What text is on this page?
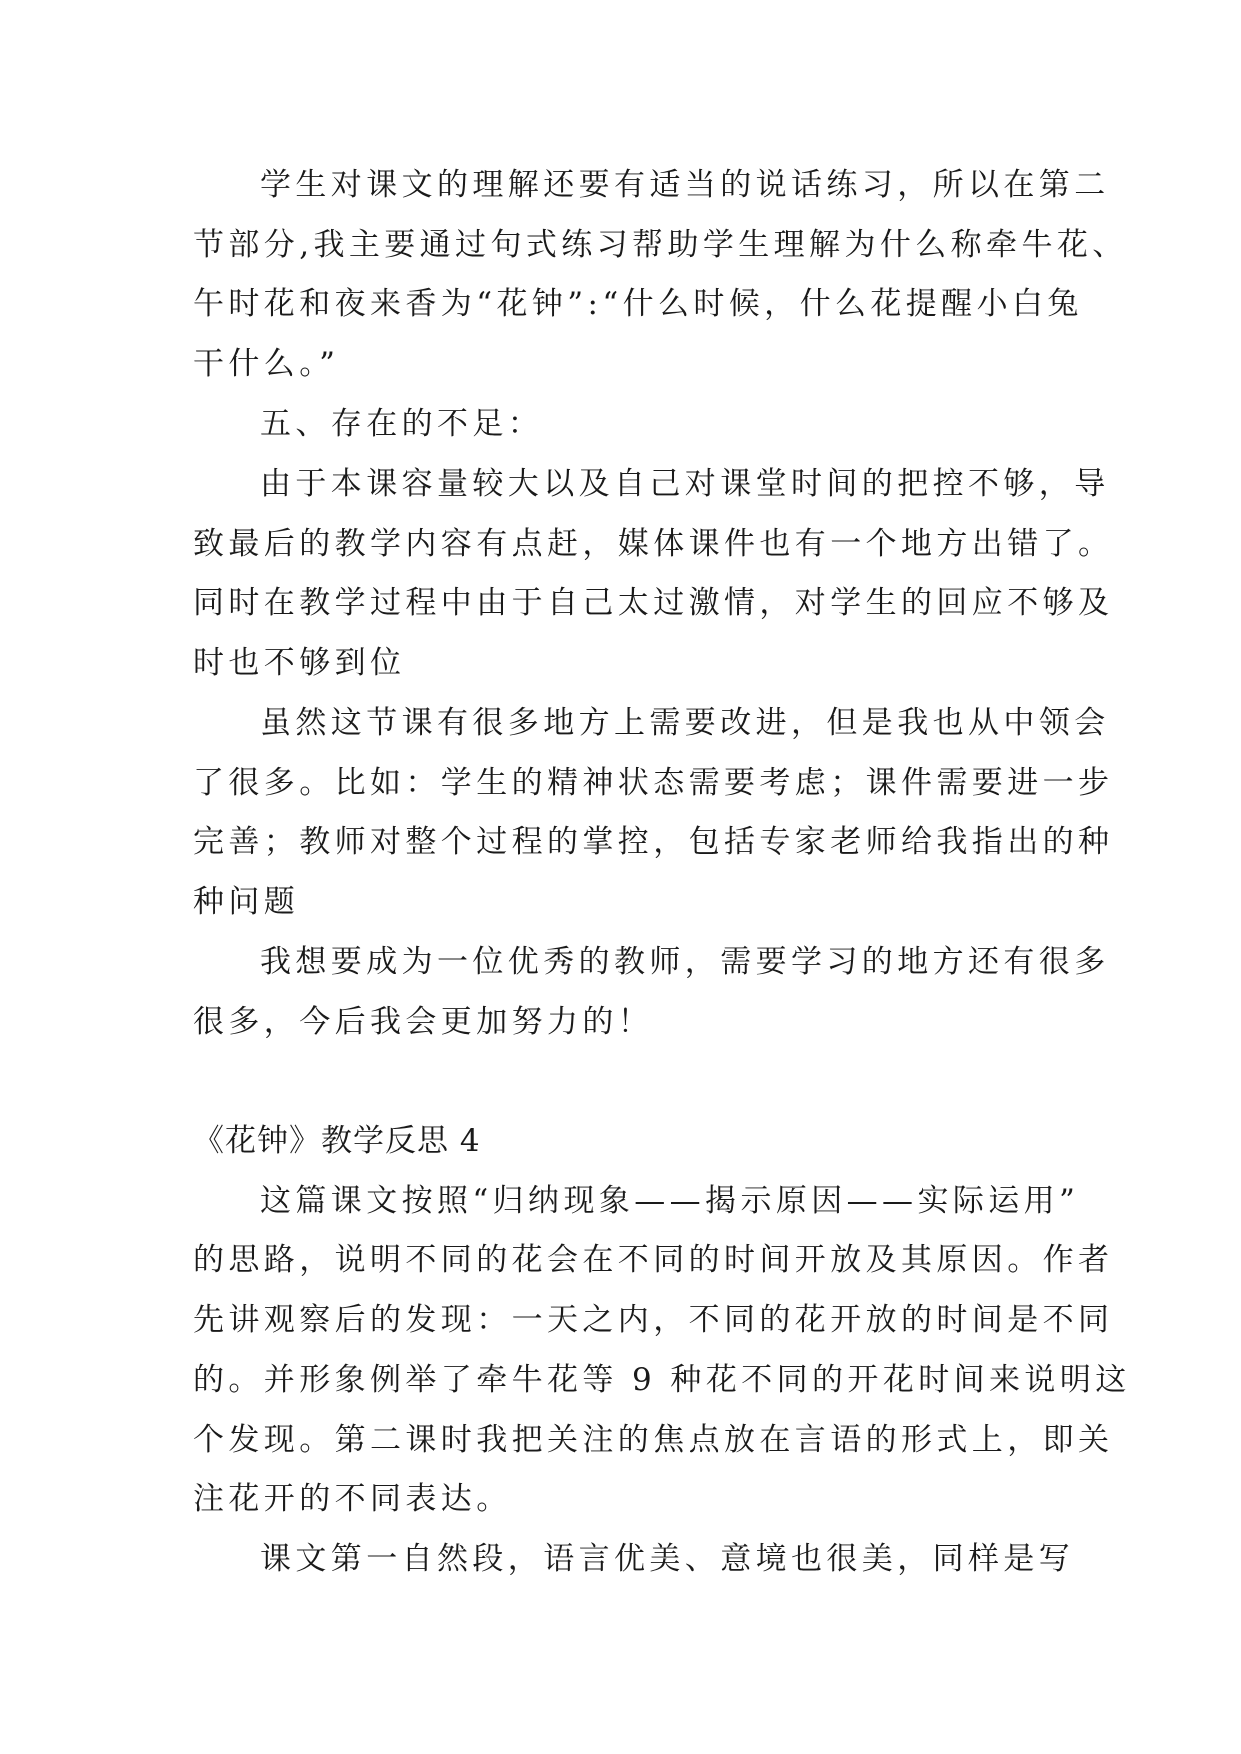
学生对课文的理解还要有适当的说话练习，所以在第二
节部分,我主要通过句式练习帮助学生理解为什么称牵牛花、
午时花和夜来香为“花钟”:“什么时候，什么花提醒小白兔
干什么。”
五、存在的不足：
由于本课容量较大以及自己对课堂时间的把控不够，导
致最后的教学内容有点赶，媒体课件也有一个地方出错了。
同时在教学过程中由于自己太过激情，对学生的回应不够及
时也不够到位
虽然这节课有很多地方上需要改进，但是我也从中领会
了很多。比如：学生的精神状态需要考虑；课件需要进一步
完善；教师对整个过程的掌控，包括专家老师给我指出的种
种问题
我想要成为一位优秀的教师，需要学习的地方还有很多
很多，今后我会更加努力的！
《花钟》教学反思 4
这篇课文按照“归纳现象——揭示原因——实际运用”
的思路，说明不同的花会在不同的时间开放及其原因。作者
先讲观察后的发现：一天之内，不同的花开放的时间是不同
的。并形象例举了牵牛花等 9 种花不同的开花时间来说明这
个发现。第二课时我把关注的焦点放在言语的形式上，即关
注花开的不同表达。
课文第一自然段，语言优美、意境也很美，同样是写
